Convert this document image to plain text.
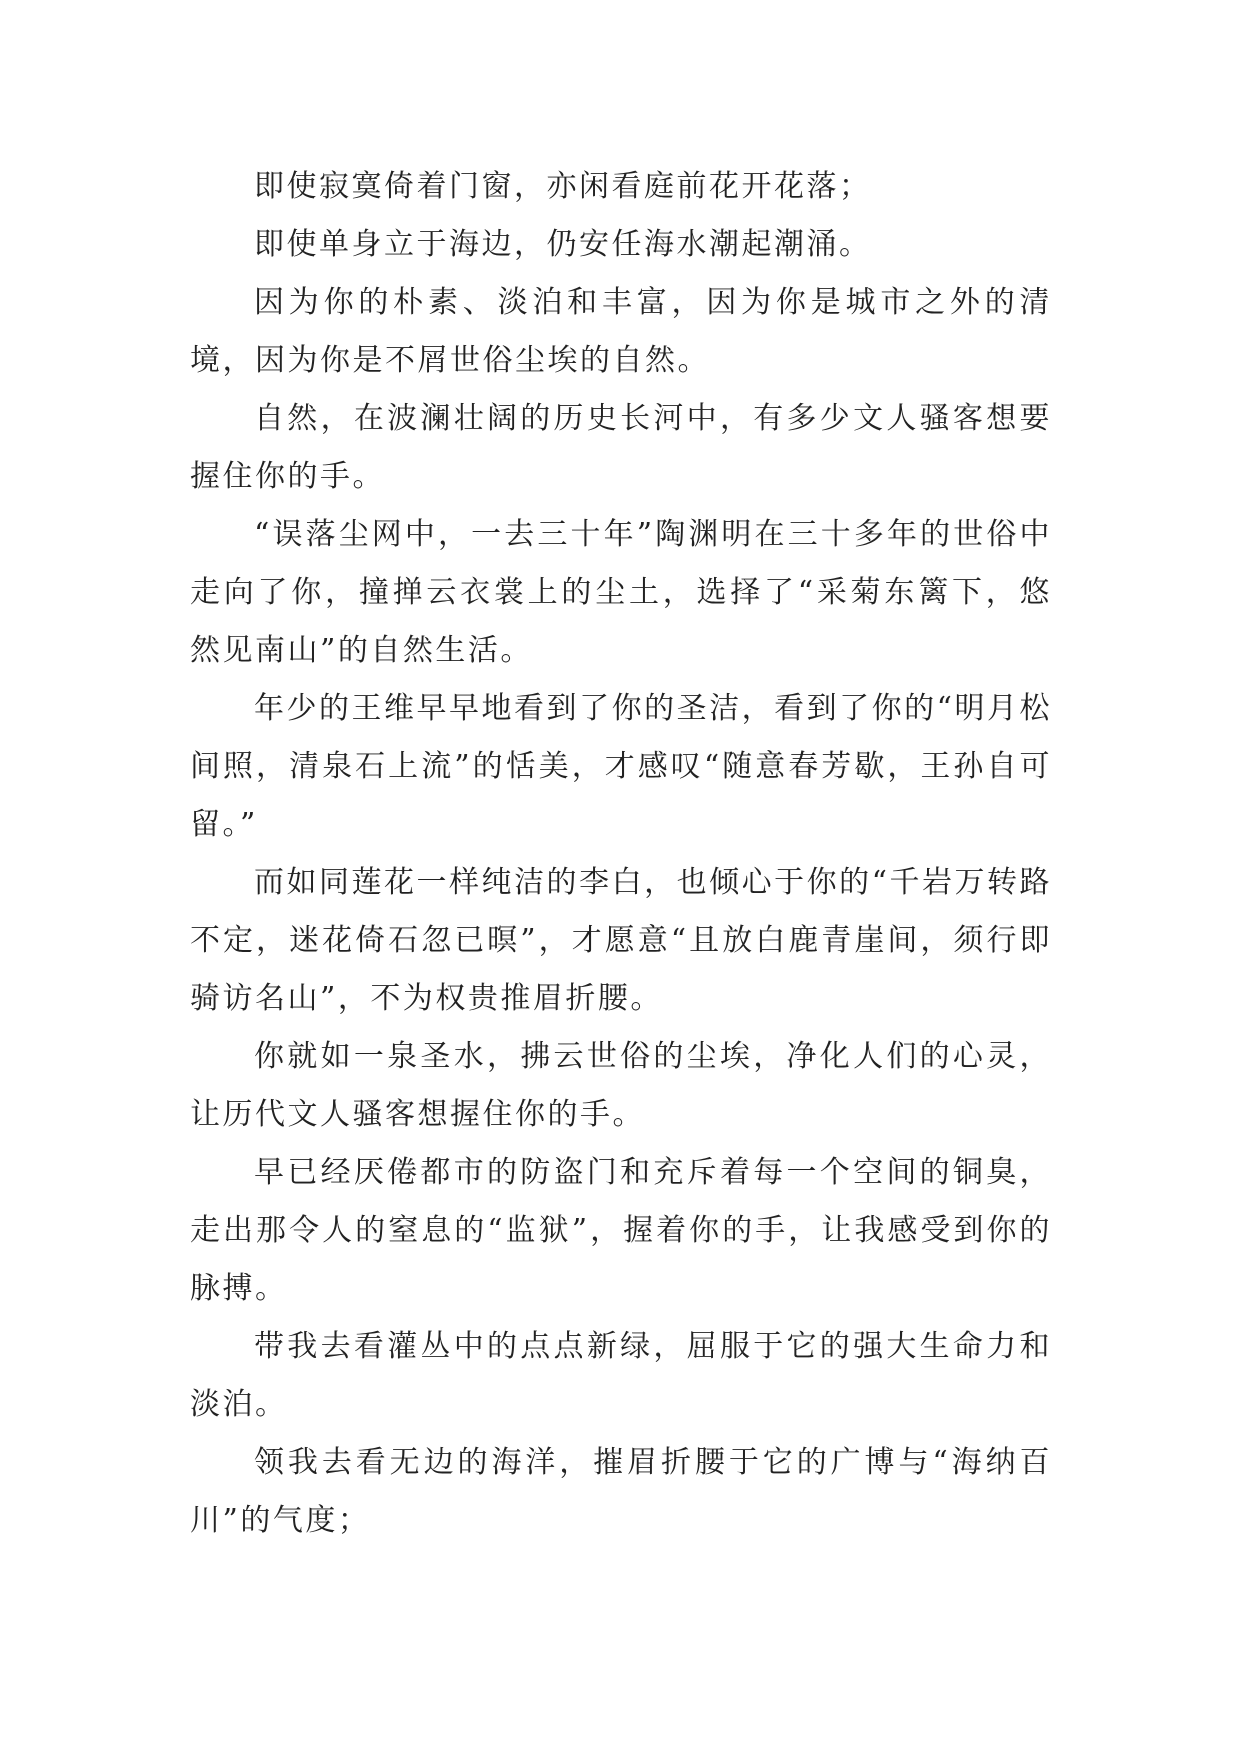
即使寂寞倚着门窗，亦闲看庭前花开花落；

即使单身立于海边，仍安任海水潮起潮涌。

因为你的朴素、淡泊和丰富，因为你是城市之外的清境，因为你是不屑世俗尘埃的自然。

自然，在波澜壮阔的历史长河中，有多少文人骚客想要握住你的手。

“误落尘网中，一去三十年”陶渊明在三十多年的世俗中走向了你，撞掸云衣裳上的尘土，选择了“采菊东篱下，悠然见南山”的自然生活。

年少的王维早早地看到了你的圣洁，看到了你的“明月松间照，清泉石上流”的恬美，才感叹“随意春芳歇，王孙自可留。”

而如同莲花一样纯洁的李白，也倾心于你的“千岩万转路不定，迷花倚石忽已暝”，才愿意“且放白鹿青崖间，须行即骑访名山”，不为权贵推眉折腰。

你就如一泉圣水，拂云世俗的尘埃，净化人们的心灵，让历代文人骚客想握住你的手。

早已经厌倦都市的防盗门和充斥着每一个空间的铜臭，走出那令人的窒息的“监狱”，握着你的手，让我感受到你的脉搏。

带我去看灌丛中的点点新绿，屈服于它的强大生命力和淡泊。

领我去看无边的海洋，摧眉折腰于它的广博与“海纳百川”的气度；
